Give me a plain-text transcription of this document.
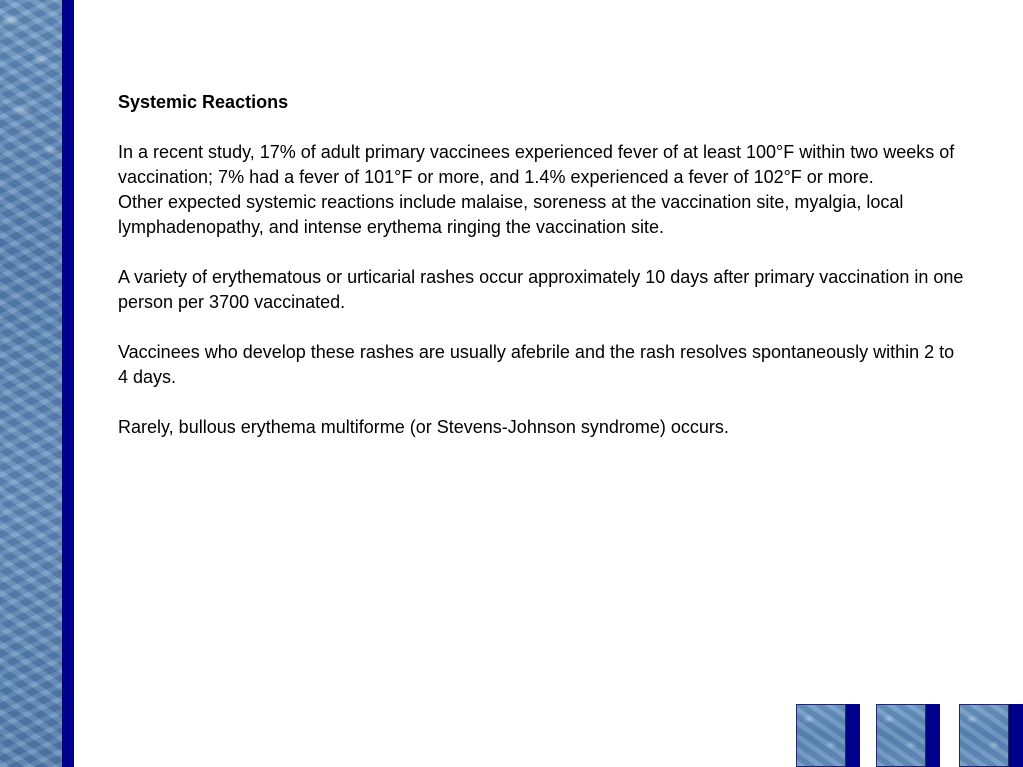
Systemic Reactions

In a recent study, 17% of adult primary vaccinees experienced fever of at least 100°F within two weeks of vaccination; 7% had a fever of 101°F or more, and 1.4% experienced a fever of 102°F or more.

Other expected systemic reactions include malaise, soreness at the vaccination site, myalgia, local lymphadenopathy, and intense erythema ringing the vaccination site.

A variety of erythematous or urticarial rashes occur approximately 10 days after primary vaccination in one person per 3700 vaccinated.

Vaccinees who develop these rashes are usually afebrile and the rash resolves spontaneously within 2 to 4 days.

Rarely, bullous erythema multiforme (or Stevens-Johnson syndrome) occurs.
